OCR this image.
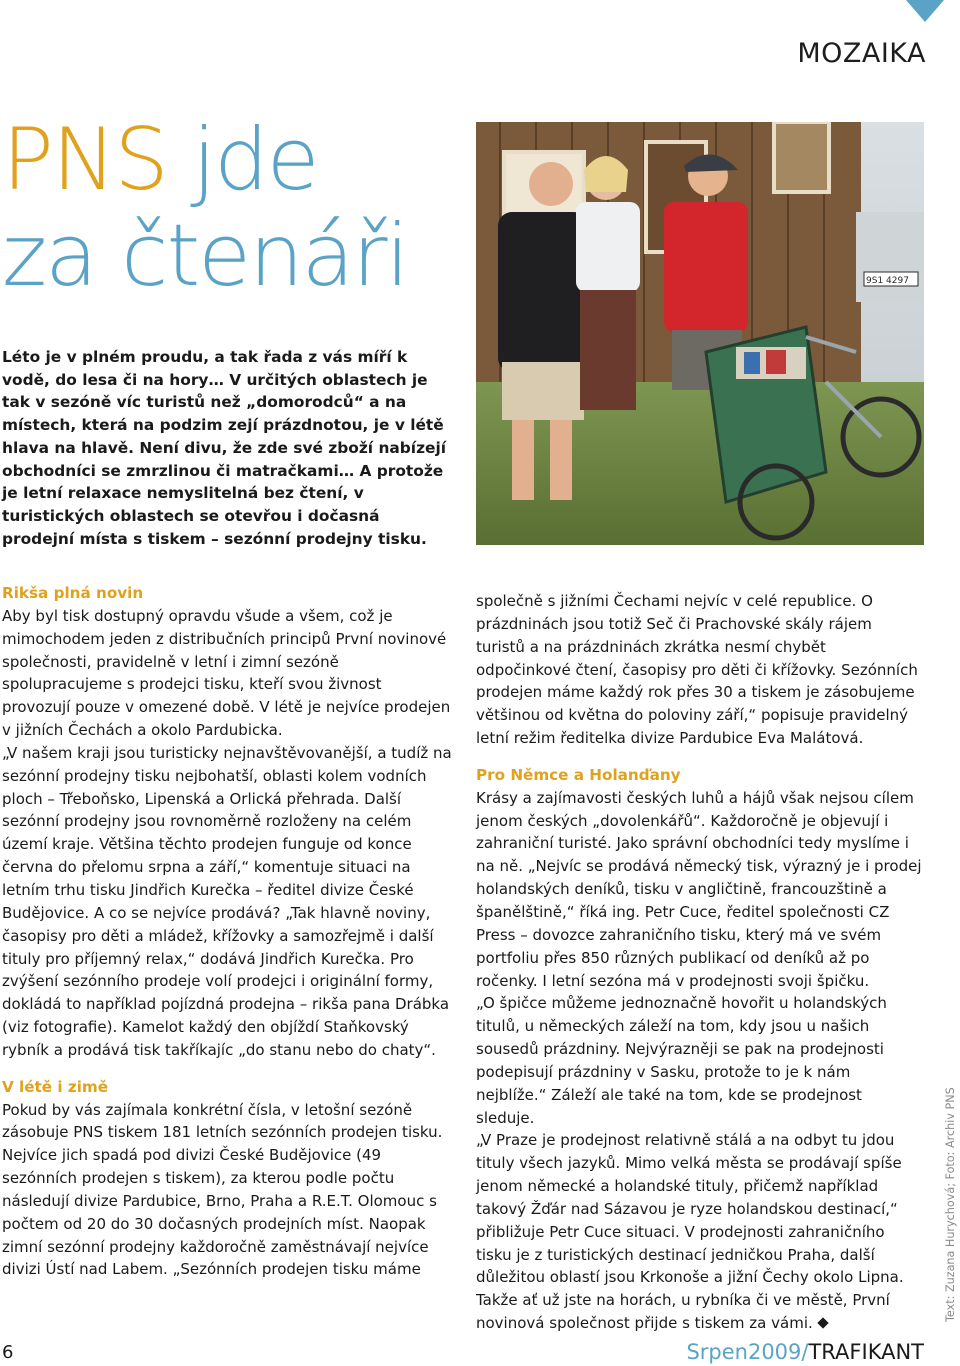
MOZAIKA
PNS jde
za čtenáři
Léto je v plném proudu, a tak řada z vás míří k vodě, do lesa či na hory… V určitých oblastech je tak v sezóně víc turistů než „domorodců“ a na místech, která na podzim zejí prázdnotou, je v létě hlava na hlavě. Není divu, že zde své zboží nabízejí obchodníci se zmrzlinou či matračkami… A protože je letní relaxace nemyslitelná bez čtení, v turistických oblastech se otevřou i dočasná prodejní místa s tiskem – sezónní prodejny tisku.
9S1 4297
Rikša plná novin

Aby byl tisk dostupný opravdu všude a všem, což je mimochodem jeden z distribučních principů První novinové společnosti, pravidelně v letní i zimní sezóně spolupracujeme s prodejci tisku, kteří svou živnost provozují pouze v omezené době. V létě je nejvíce prodejen v jižních Čechách a okolo Pardubicka.

„V našem kraji jsou turisticky nejnavštěvovanější, a tudíž na sezónní prodejny tisku nejbohatší, oblasti kolem vodních ploch – Třeboňsko, Lipenská a Orlická přehrada. Další sezónní prodejny jsou rovnoměrně rozloženy na celém území kraje. Většina těchto prodejen funguje od konce června do přelomu srpna a září,“ komentuje situaci na letním trhu tisku Jindřich Kurečka – ředitel divize České Budějovice. A co se nejvíce prodává? „Tak hlavně noviny, časopisy pro děti a mládež, křížovky a samozřejmě i další tituly pro příjemný relax,“ dodává Jindřich Kurečka. Pro zvýšení sezónního prodeje volí prodejci i originální formy, dokládá to například pojízdná prodejna – rikša pana Drábka (viz fotografie). Kamelot každý den objíždí Staňkovský rybník a prodává tisk takříkajíc „do stanu nebo do chaty“.

V létě i zimě

Pokud by vás zajímala konkrétní čísla, v letošní sezóně zásobuje PNS tiskem 181 letních sezónních prodejen tisku. Nejvíce jich spadá pod divizi České Budějovice (49 sezónních prodejen s tiskem), za kterou podle počtu následují divize Pardubice, Brno, Praha a R.E.T. Olomouc s počtem od 20 do 30 dočasných prodejních míst. Naopak zimní sezónní prodejny každoročně zaměstnávají nejvíce divizi Ústí nad Labem. „Sezónních prodejen tisku máme

společně s jižními Čechami nejvíc v celé republice. O prázdninách jsou totiž Seč či Prachovské skály rájem turistů a na prázdninách zkrátka nesmí chybět odpočinkové čtení, časopisy pro děti či křížovky. Sezónních prodejen máme každý rok přes 30 a tiskem je zásobujeme většinou od května do poloviny září,“ popisuje pravidelný letní režim ředitelka divize Pardubice Eva Malátová.

Pro Němce a Holanďany

Krásy a zajímavosti českých luhů a hájů však nejsou cílem jenom českých „dovolenkářů“. Každoročně je objevují i zahraniční turisté. Jako správní obchodníci tedy myslíme i na ně. „Nejvíc se prodává německý tisk, výrazný je i prodej holandských deníků, tisku v angličtině, francouzštině a španělštině,“ říká ing. Petr Cuce, ředitel společnosti CZ Press – dovozce zahraničního tisku, který má ve svém portfoliu přes 850 různých publikací od deníků až po ročenky. I letní sezóna má v prodejnosti svoji špičku.

„O špičce můžeme jednoznačně hovořit u holandských titulů, u německých záleží na tom, kdy jsou u našich sousedů prázdniny. Nejvýrazněji se pak na prodejnosti podepisují prázdniny v Sasku, protože to je k nám nejblíže.“ Záleží ale také na tom, kde se prodejnost sleduje.

„V Praze je prodejnost relativně stálá a na odbyt tu jdou tituly všech jazyků. Mimo velká města se prodávají spíše jenom německé a holandské tituly, přičemž například takový Žďár nad Sázavou je ryze holandskou destinací,“ přibližuje Petr Cuce situaci. V prodejnosti zahraničního tisku je z turistických destinací jedničkou Praha, další důležitou oblastí jsou Krkonoše a jižní Čechy okolo Lipna. Takže ať už jste na horách, u rybníka či ve městě, První novinová společnost přijde s tiskem za vámi.

Text: Zuzana Hurychová; Foto: Archiv PNS
6	Srpen2009/TRAFIKANT
